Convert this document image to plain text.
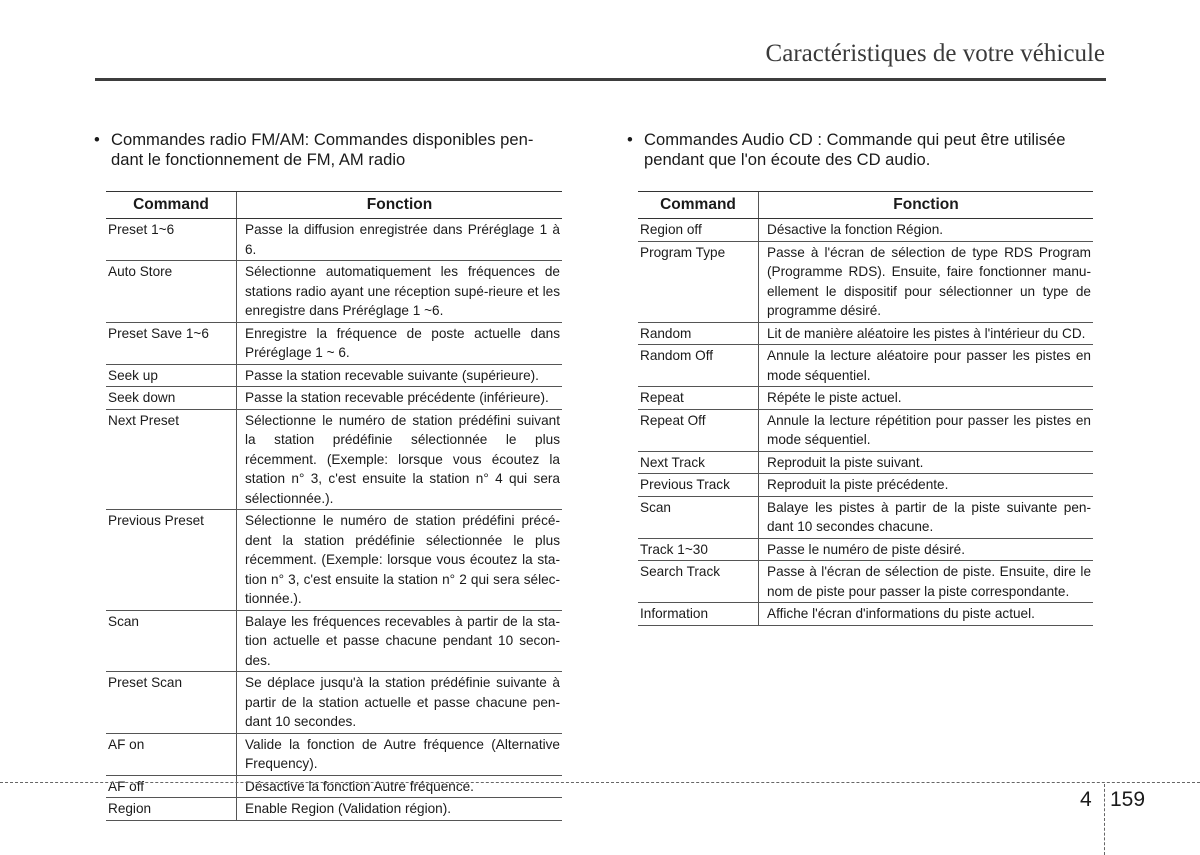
Caractéristiques de votre véhicule
• Commandes radio FM/AM: Commandes disponibles pen-dant le fonctionnement de FM, AM radio
Command	Fonction
Preset 1~6	Passe la diffusion enregistrée dans Préréglage 1 à 6.
Auto Store	Sélectionne automatiquement les fréquences de stations radio ayant une réception supé-rieure et les enregistre dans Préréglage 1 ~6.
Preset Save 1~6	Enregistre la fréquence de poste actuelle dans Préréglage 1 ~ 6.
Seek up	Passe la station recevable suivante (supérieure).
Seek down	Passe la station recevable précédente (inférieure).
Next Preset	Sélectionne le numéro de station prédéfini suivant la station prédéfinie sélectionnée le plus récemment. (Exemple: lorsque vous écoutez la station n° 3, c'est ensuite la station n° 4 qui sera sélectionnée.).
Previous Preset	Sélectionne le numéro de station prédéfini précé-dent la station prédéfinie sélectionnée le plus récemment. (Exemple: lorsque vous écoutez la sta-tion n° 3, c'est ensuite la station n° 2 qui sera sélec-tionnée.).
Scan	Balaye les fréquences recevables à partir de la sta-tion actuelle et passe chacune pendant 10 secon-des.
Preset Scan	Se déplace jusqu'à la station prédéfinie suivante à partir de la station actuelle et passe chacune pen-dant 10 secondes.
AF on	Valide la fonction de Autre fréquence (Alternative Frequency).
AF off	Désactive la fonction Autre fréquence.
Region	Enable Region (Validation région).
• Commandes Audio CD : Commande qui peut être utilisée pendant que l'on écoute des CD audio.
Command	Fonction
Region off	Désactive la fonction Région.
Program Type	Passe à l'écran de sélection de type RDS Program (Programme RDS). Ensuite, faire fonctionner manu-ellement le dispositif pour sélectionner un type de programme désiré.
Random	Lit de manière aléatoire les pistes à l'intérieur du CD.
Random Off	Annule la lecture aléatoire pour passer les pistes en mode séquentiel.
Repeat	Répéte le piste actuel.
Repeat Off	Annule la lecture répétition pour passer les pistes en mode séquentiel.
Next Track	Reproduit la piste suivant.
Previous Track	Reproduit la piste précédente.
Scan	Balaye les pistes à partir de la piste suivante pen-dant 10 secondes chacune.
Track 1~30	Passe le numéro de piste désiré.
Search Track	Passe à l'écran de sélection de piste. Ensuite, dire le nom de piste pour passer la piste correspondante.
Information	Affiche l'écran d'informations du piste actuel.
4 159
